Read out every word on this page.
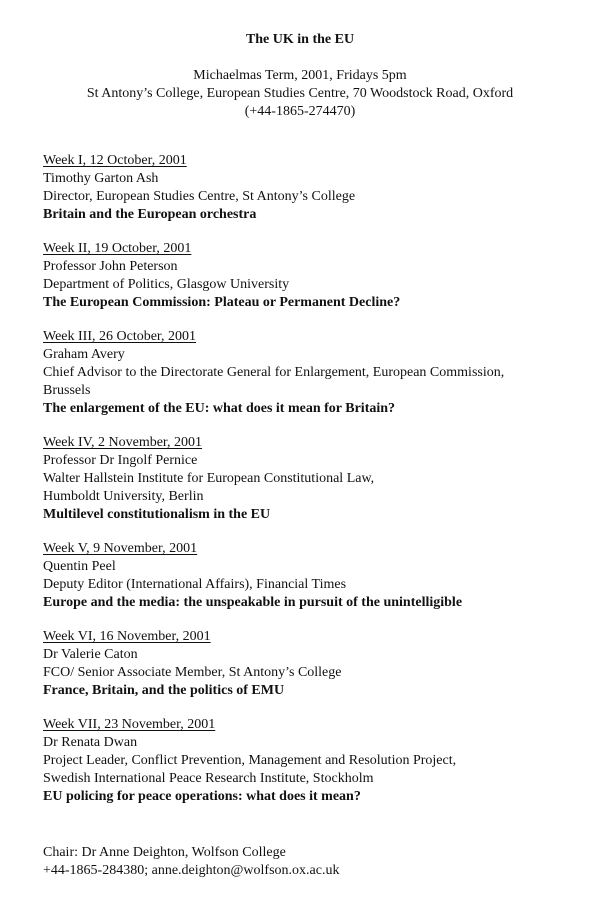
The UK in the EU
Michaelmas Term, 2001, Fridays 5pm
St Antony’s College, European Studies Centre, 70 Woodstock Road, Oxford
(+44-1865-274470)
Week I, 12 October, 2001
Timothy Garton Ash
Director, European Studies Centre, St Antony’s College
Britain and the European orchestra
Week II, 19 October, 2001
Professor John Peterson
Department of Politics, Glasgow University
The European Commission: Plateau or Permanent Decline?
Week III, 26 October, 2001
Graham Avery
Chief Advisor to the Directorate General for Enlargement, European Commission,
Brussels
The enlargement of the EU: what does it mean for Britain?
Week IV, 2 November, 2001
Professor Dr Ingolf Pernice
Walter Hallstein Institute for European Constitutional Law,
Humboldt University, Berlin
Multilevel constitutionalism in the EU
Week V, 9 November, 2001
Quentin Peel
Deputy Editor (International Affairs), Financial Times
Europe and the media: the unspeakable in pursuit of the unintelligible
Week VI, 16 November, 2001
Dr Valerie Caton
FCO/ Senior Associate Member, St Antony’s College
France, Britain, and the politics of EMU
Week VII, 23 November, 2001
Dr Renata Dwan
Project Leader, Conflict Prevention, Management and Resolution Project,
Swedish International Peace Research Institute, Stockholm
EU policing for peace operations: what does it mean?
Chair: Dr Anne Deighton, Wolfson College
+44-1865-284380; anne.deighton@wolfson.ox.ac.uk
